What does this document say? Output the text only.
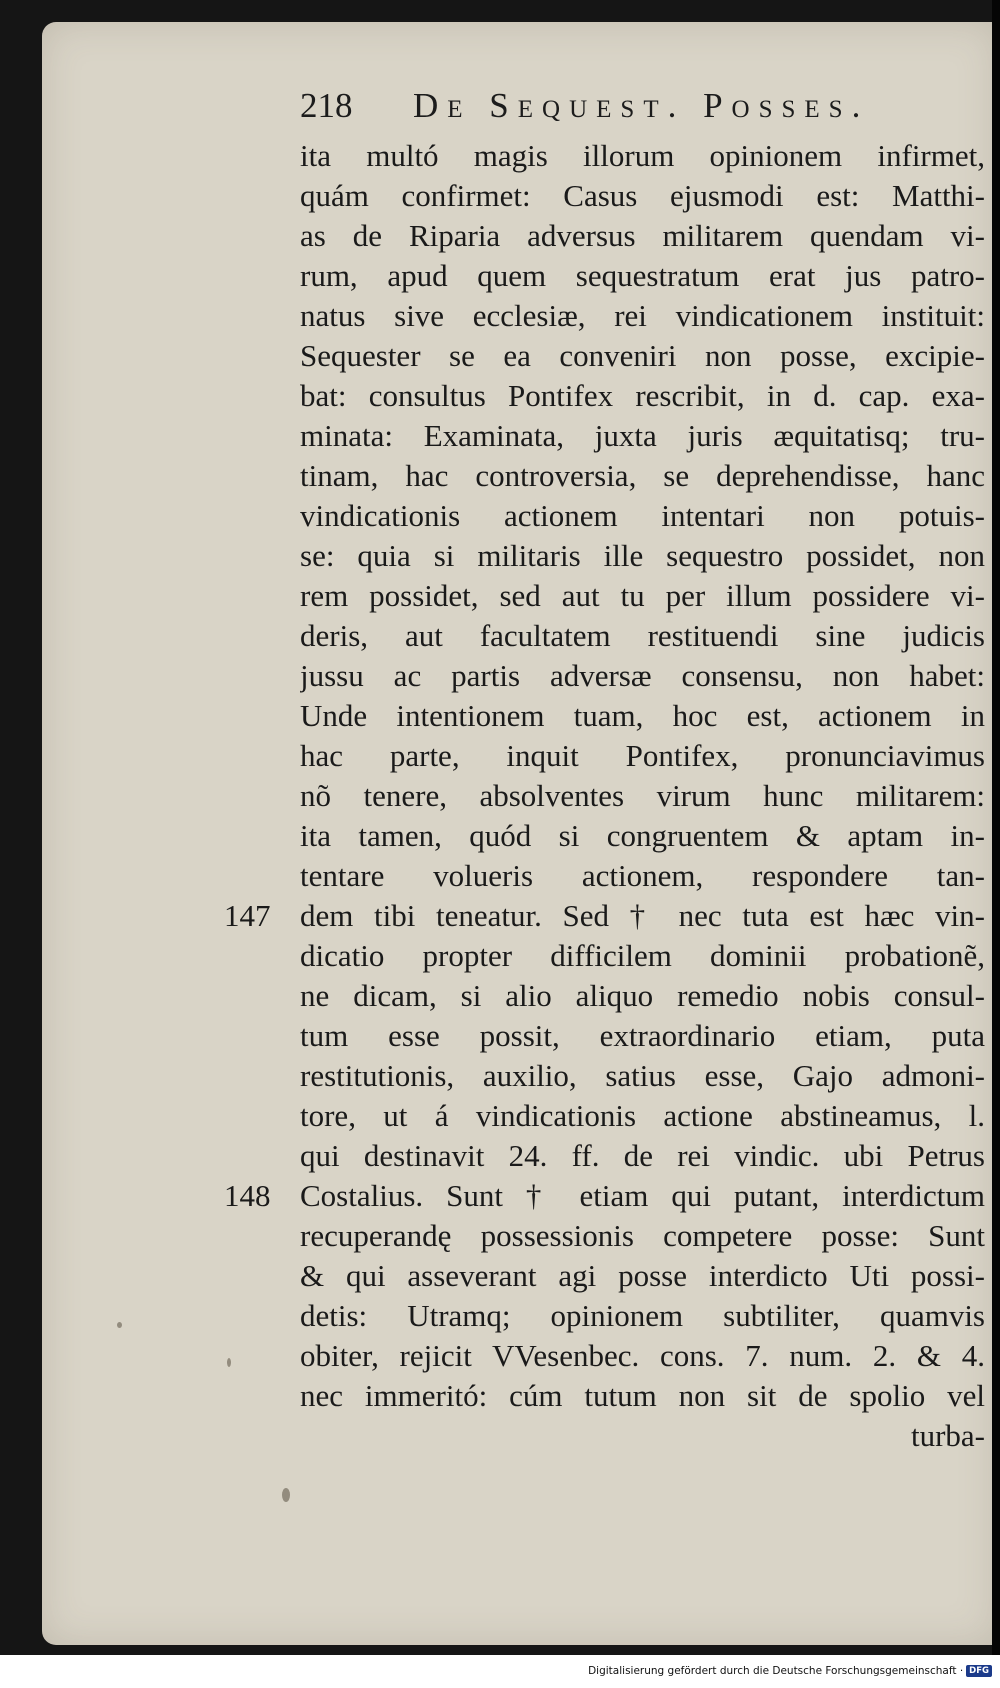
218 De Sequest. Posses.
147
148
ita multó magis illorum opinionem infirmet,
quám confirmet: Casus ejusmodi est: Matthi-
as de Riparia adversus militarem quendam vi-
rum, apud quem sequestratum erat jus patro-
natus sive ecclesiæ, rei vindicationem instituit:
Sequester se ea conveniri non posse, excipie-
bat: consultus Pontifex rescribit, in d. cap. exa-
minata: Examinata, juxta juris æquitatisq; tru-
tinam, hac controversia, se deprehendisse, hanc
vindicationis actionem intentari non potuis-
se: quia si militaris ille sequestro possidet, non
rem possidet, sed aut tu per illum possidere vi-
deris, aut facultatem restituendi sine judicis
jussu ac partis adversæ consensu, non habet:
Unde intentionem tuam, hoc est, actionem in
hac parte, inquit Pontifex, pronunciavimus
nõ tenere, absolventes virum hunc militarem:
ita tamen, quód si congruentem & aptam in-
tentare volueris actionem, respondere tan-
dem tibi teneatur. Sed † nec tuta est hæc vin-
dicatio propter difficilem dominii probationẽ,
ne dicam, si alio aliquo remedio nobis consul-
tum esse possit, extraordinario etiam, puta
restitutionis, auxilio, satius esse, Gajo admoni-
tore, ut á vindicationis actione abstineamus, l.
qui destinavit 24. ff. de rei vindic. ubi Petrus
Costalius. Sunt † etiam qui putant, interdictum
recuperandę possessionis competere posse: Sunt
& qui asseverant agi posse interdicto Uti possi-
detis: Utramq; opinionem subtiliter, quamvis
obiter, rejicit VVesenbec. cons. 7. num. 2. & 4.
nec immeritó: cúm tutum non sit de spolio vel
turba-
Digitalisierung gefördert durch die Deutsche Forschungsgemeinschaft · DFG
